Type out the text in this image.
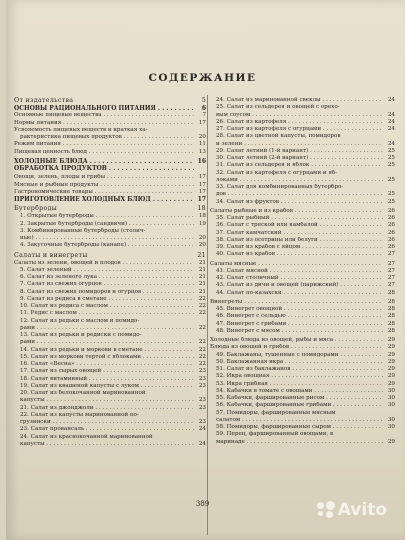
СОДЕРЖАНИЕ
От издательства	5
ОСНОВЫ РАЦИОНАЛЬНОГО ПИТАНИЯ . . .	6
Основные пищевые вещества . . .	7
Нормы питания . . .	17
Усвояемость пищевых веществ и краткая ха-
рактеристика пищевых продуктов . . .	20
Режим питания . . .	11
Пищевая ценность блюд . . .	13
ХОЛОДНЫЕ БЛЮДА . . .	16
ОБРАБОТКА ПРОДУКТОВ . . .
Овощи, зелень, плоды и грибы . . .	17
Мясные и рыбные продукты . . .	17
Гастрономические товары . . .	17
ПРИГОТОВЛЕНИЕ ХОЛОДНЫХ БЛЮД . . .	17
Бутерброды	18
1. Открытые бутерброды . . .	18
2. Закрытые бутерброды (сандвичи) . . .	19
3. Комбинированные бутерброды (столич-
ные) . . .	20
4. Закусочные бутерброды (канапе) . . .	20
Салаты и винегреты	21
Салаты из зелени, овощей и плодов . . .	21
5. Салат зеленый . . .	21
6. Салат из зеленого лука . . .	21
7. Салат из свежих огурцов . . .	21
8. Салат из свежих помидоров и огурцов . . .	21
9. Салат из редиса в сметане . . .	22
10. Салат из редиса с маслом . . .	22
11. Редис с маслом . . .	22
12. Салат из редьки с маслом и помидо-
рами . . .	22
13. Салат из редьки и редиски с помидо-
рами . . .	22
14. Салат из редьки и моркови в сметане . . .	22
15. Салат из моркови тертой с яблоками . . .	22
16. Салат «Весна» . . .	22
17. Салат из сырых овощей . . .	23
18. Салат витаминный . . .	23
19. Салат из квашеной капусты с луком . . .	23
20. Салат из белокочанной маринованной
капусты . . .	23
21. Салат из джонджоли . . .	23
22. Салат из капусты маринованной по-
грузински . . .	23
23. Салат провансаль . . .	24
24. Салат из краснокочанной маринованной
капусты . . .	24
24. Салат из маринованной свеклы . . .	24
25. Салат из сельдерея и овощей с орехо-
вым соусом . . .	24
26. Салат из картофеля . . .	24
27. Салат из картофеля с огурцами . . .	24
28. Салат из цветной капусты, помидоров
и зелени . . .	24
29. Салат летний (1-й вариант) . . .	25
30. Салат летний (2-й вариант) . . .	25
31. Салат из сельдерея и яблок . . .	25
32. Салат из картофеля с огурцами и яб-
локами . . .	25
33. Салат для комбинированных бутербро-
дов . . .	25
34. Салат из фруктов . . .	25
Салаты рыбные и из крабов . . .	26
35. Салат рыбный . . .	26
36. Салат с треской или камбалой . . .	26
37. Салат камчатский . . .	26
38. Салат из осетрины или белуги . . .	26
39. Салат из крабов с яйцом . . .	26
40. Салат из крабов . . .	27
Салаты мясные . . .	27
41. Салат мясной . . .	27
42. Салат столичный . . .	27
43. Салат из дичи и овощей (парижский) . . .	27
44. Салат по-казахски . . .	28
Винегреты . . .	28
45. Винегрет овощной . . .	28
46. Винегрет с сельдью . . .	28
47. Винегрет с грибами . . .	28
48. Винегрет с мясом . . .	28
Холодные блюда из овощей, рыбы и мяса . . .	29
Блюда из овощей и грибов . . .	29
49. Баклажаны, тушенные с помидорами . . .	29
50. Баклажанная икра . . .	29
51. Салат из баклажанов . . .	29
52. Икра овощная . . .	29
53. Икра грибная . . .	29
54. Кабачки в томате с овощами . . .	30
55. Кабачки, фаршированные рисом . . .	30
56. Кабачки, фаршированные грибами . . .	30
57. Помидоры, фаршированные мясным
салатом . . .	30
58. Помидоры, фаршированные сыром . . .	30
59. Перец, фаршированный овощами, в
маринаде . . .	29
389	Avito
